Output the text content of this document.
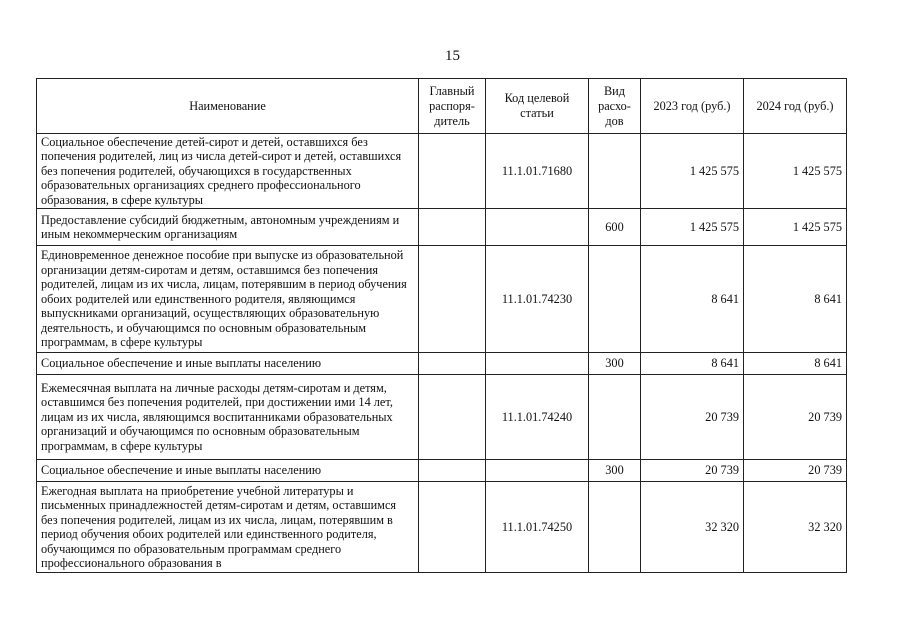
15
Наименование	Главный распоря-дитель	Код целевой статьи	Вид расхо-дов	2023 год (руб.)	2024 год (руб.)
Социальное обеспечение детей-сирот и детей, оставшихся без попечения родителей, лиц из числа детей-сирот и детей, оставшихся без попечения родителей, обучающихся в государственных образовательных организациях среднего профессионального образования, в сфере культуры		11.1.01.71680		1 425 575	1 425 575
Предоставление субсидий бюджетным, автономным учреждениям и иным некоммерческим организациям			600	1 425 575	1 425 575
Единовременное денежное пособие при выпуске из образовательной организации детям-сиротам и детям, оставшимся без попечения родителей, лицам из их числа, лицам, потерявшим в период обучения обоих родителей или единственного родителя, являющимся выпускниками организаций, осуществляющих образовательную деятельность, и обучающимся по основным образовательным программам, в сфере культуры		11.1.01.74230		8 641	8 641
Социальное обеспечение и иные выплаты населению			300	8 641	8 641
Ежемесячная выплата на личные расходы детям-сиротам и детям, оставшимся без попечения родителей, при достижении ими 14 лет, лицам из их числа, являющимся воспитанниками образовательных организаций и обучающимся по основным образовательным программам, в сфере культуры		11.1.01.74240		20 739	20 739
Социальное обеспечение и иные выплаты населению			300	20 739	20 739
Ежегодная выплата на приобретение учебной литературы и письменных принадлежностей детям-сиротам и детям, оставшимся без попечения родителей, лицам из их числа, лицам, потерявшим в период обучения обоих родителей или единственного родителя, обучающимся по образовательным программам среднего профессионального образования в		11.1.01.74250		32 320	32 320
